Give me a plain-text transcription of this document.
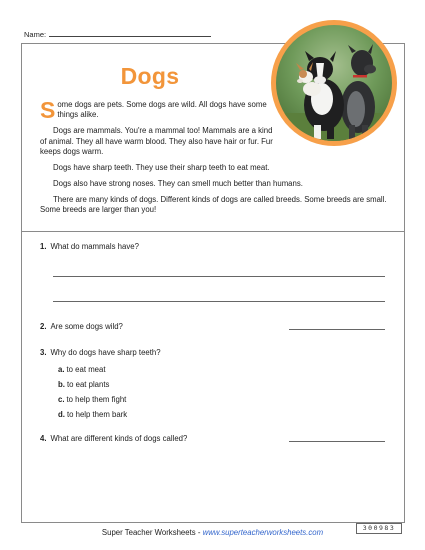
Name:
Dogs

Some dogs are pets. Some dogs are wild. All dogs have some things alike.

Dogs are mammals. You're a mammal too! Mammals are a kind of animal. They all have warm blood. They also have hair or fur. Fur keeps dogs warm.

Dogs have sharp teeth. They use their sharp teeth to eat meat.

Dogs also have strong noses. They can smell much better than humans.

There are many kinds of dogs. Different kinds of dogs are called breeds. Some breeds are small. Some breeds are larger than you!

1. What do mammals have?
2. Are some dogs wild?
3. Why do dogs have sharp teeth?
a. to eat meat
b. to eat plants
c. to help them fight
d. to help them bark
4. What are different kinds of dogs called?
300983
Super Teacher Worksheets - www.superteacherworksheets.com
